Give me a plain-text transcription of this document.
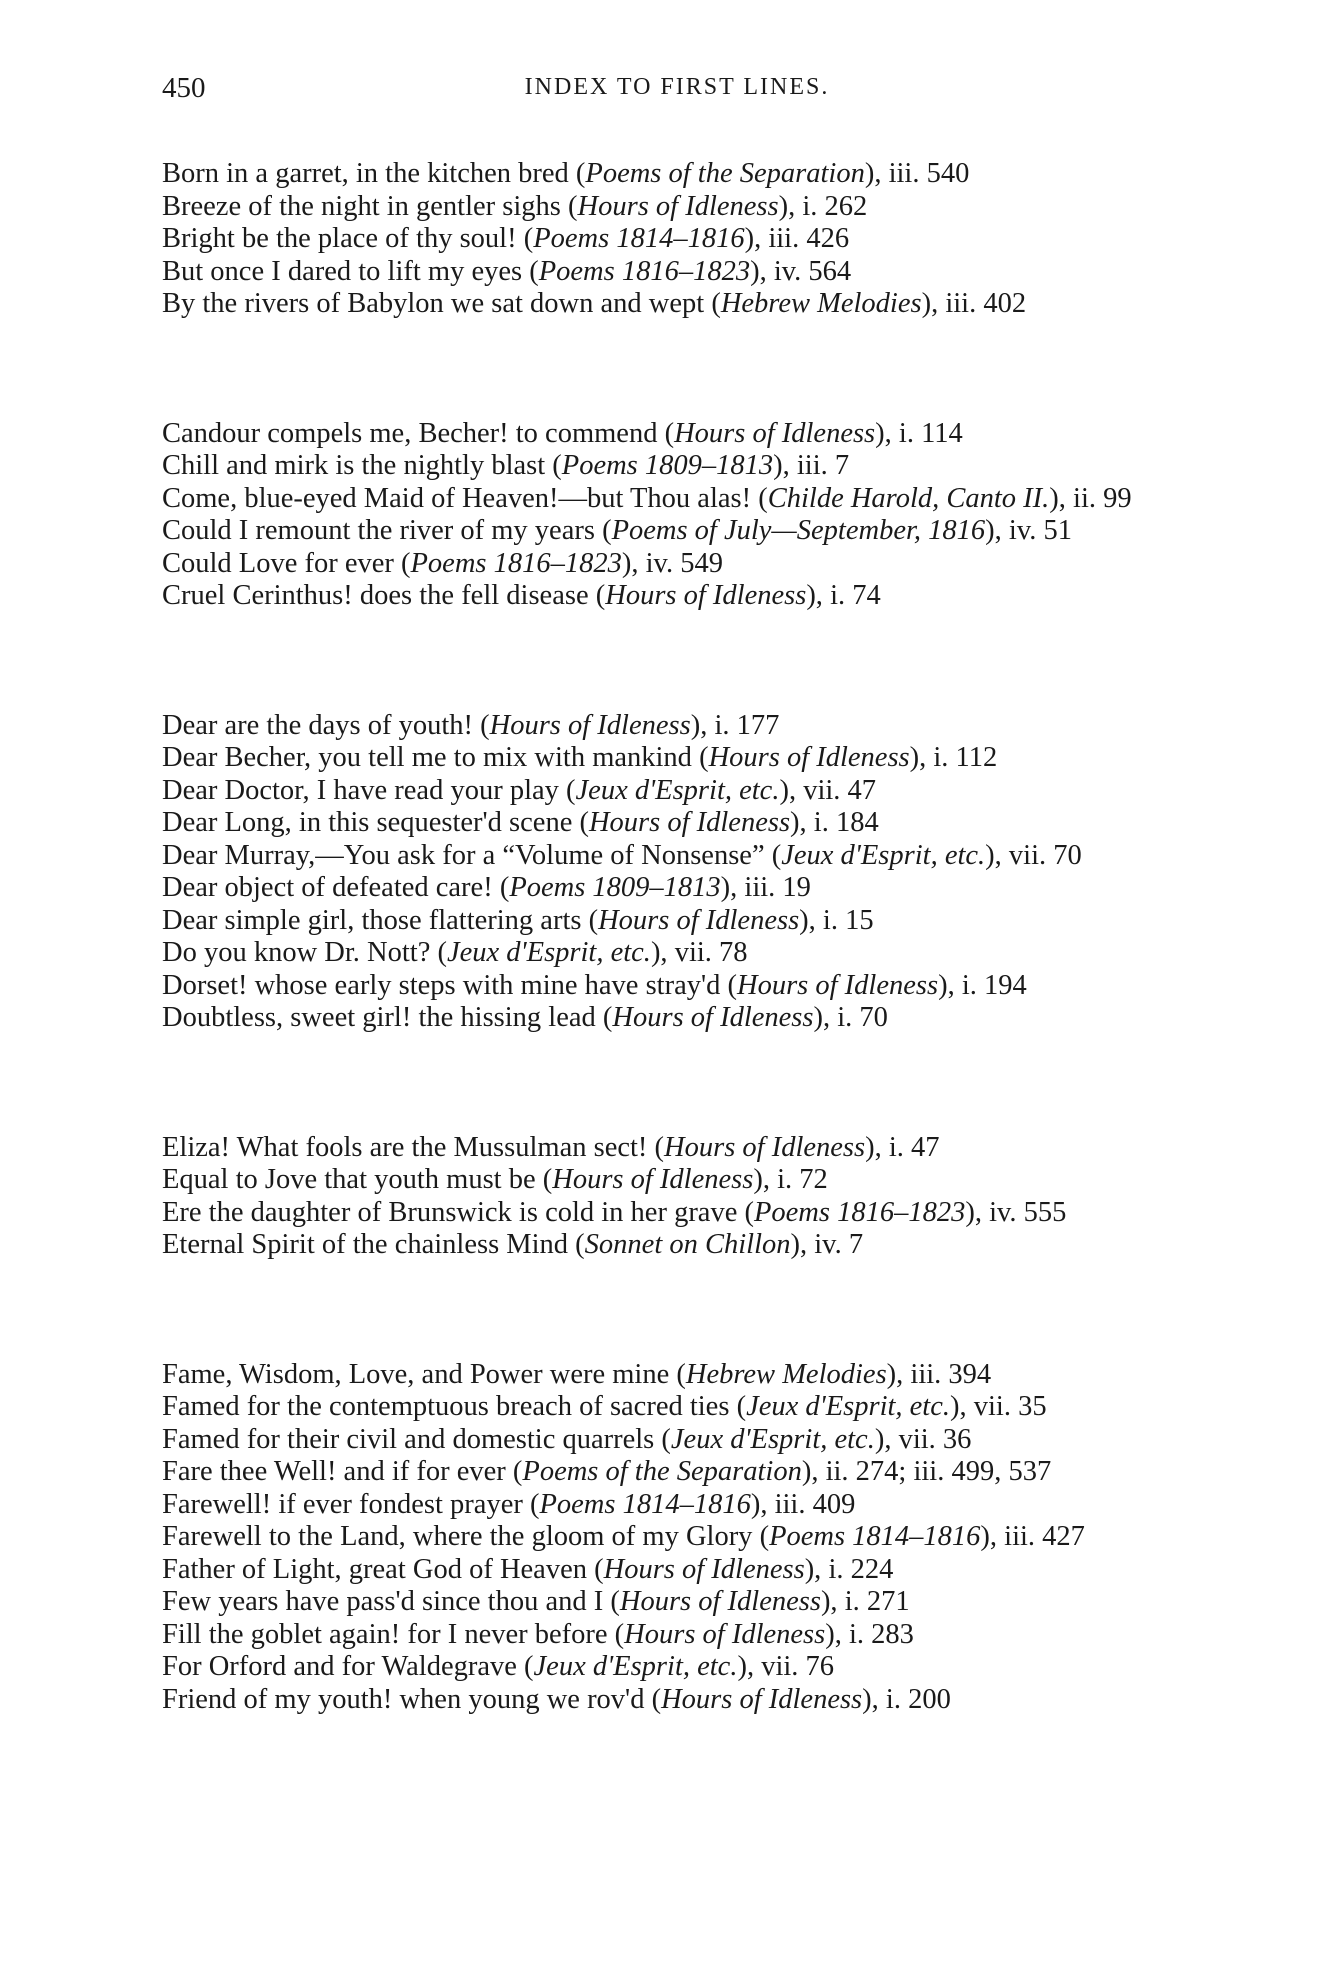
450	INDEX TO FIRST LINES.
Born in a garret, in the kitchen bred (Poems of the Separation), iii. 540
Breeze of the night in gentler sighs (Hours of Idleness), i. 262
Bright be the place of thy soul! (Poems 1814–1816), iii. 426
But once I dared to lift my eyes (Poems 1816–1823), iv. 564
By the rivers of Babylon we sat down and wept (Hebrew Melodies), iii. 402
Candour compels me, Becher! to commend (Hours of Idleness), i. 114
Chill and mirk is the nightly blast (Poems 1809–1813), iii. 7
Come, blue-eyed Maid of Heaven!—but Thou alas! (Childe Harold, Canto II.), ii. 99
Could I remount the river of my years (Poems of July—September, 1816), iv. 51
Could Love for ever (Poems 1816–1823), iv. 549
Cruel Cerinthus! does the fell disease (Hours of Idleness), i. 74
Dear are the days of youth! (Hours of Idleness), i. 177
Dear Becher, you tell me to mix with mankind (Hours of Idleness), i. 112
Dear Doctor, I have read your play (Jeux d'Esprit, etc.), vii. 47
Dear Long, in this sequester'd scene (Hours of Idleness), i. 184
Dear Murray,—You ask for a “Volume of Nonsense” (Jeux d'Esprit, etc.), vii. 70
Dear object of defeated care! (Poems 1809–1813), iii. 19
Dear simple girl, those flattering arts (Hours of Idleness), i. 15
Do you know Dr. Nott? (Jeux d'Esprit, etc.), vii. 78
Dorset! whose early steps with mine have stray'd (Hours of Idleness), i. 194
Doubtless, sweet girl! the hissing lead (Hours of Idleness), i. 70
Eliza! What fools are the Mussulman sect! (Hours of Idleness), i. 47
Equal to Jove that youth must be (Hours of Idleness), i. 72
Ere the daughter of Brunswick is cold in her grave (Poems 1816–1823), iv. 555
Eternal Spirit of the chainless Mind (Sonnet on Chillon), iv. 7
Fame, Wisdom, Love, and Power were mine (Hebrew Melodies), iii. 394
Famed for the contemptuous breach of sacred ties (Jeux d'Esprit, etc.), vii. 35
Famed for their civil and domestic quarrels (Jeux d'Esprit, etc.), vii. 36
Fare thee Well! and if for ever (Poems of the Separation), ii. 274; iii. 499, 537
Farewell! if ever fondest prayer (Poems 1814–1816), iii. 409
Farewell to the Land, where the gloom of my Glory (Poems 1814–1816), iii. 427
Father of Light, great God of Heaven (Hours of Idleness), i. 224
Few years have pass'd since thou and I (Hours of Idleness), i. 271
Fill the goblet again! for I never before (Hours of Idleness), i. 283
For Orford and for Waldegrave (Jeux d'Esprit, etc.), vii. 76
Friend of my youth! when young we rov'd (Hours of Idleness), i. 200
